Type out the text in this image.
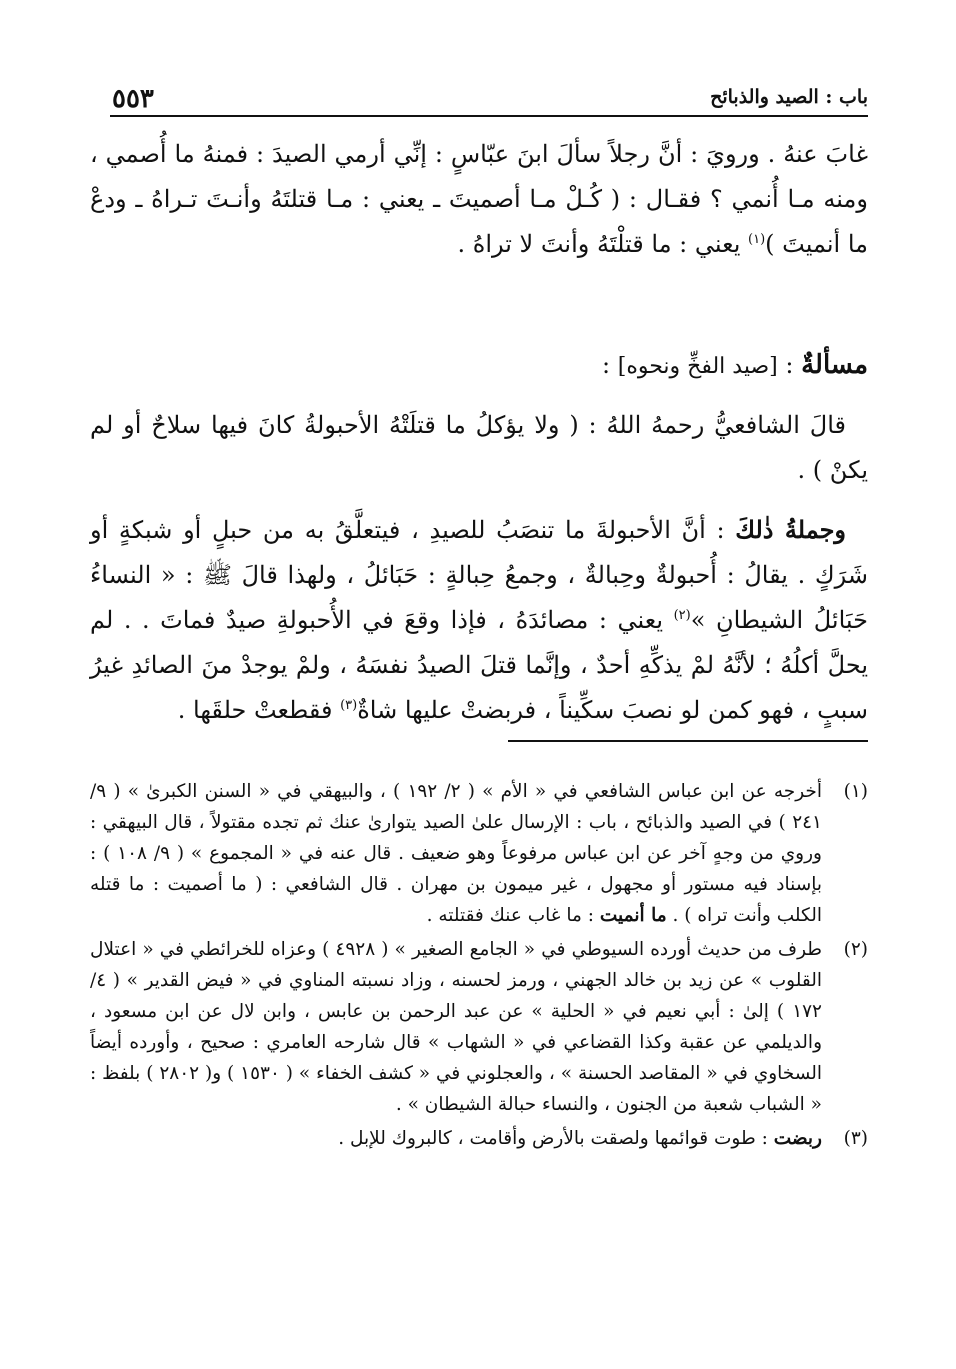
باب : الصيد والذبائح
٥٥٣

غابَ عنهُ . ورويَ : أنَّ رجلاً سألَ ابنَ عبّاسٍ : إنِّي أرمي الصيدَ : فمنهُ ما أُصمي ، ومنه مـا أُنمي ؟ فقـال : ( كُـلْ مـا أصميتَ ـ يعني : مـا قتلتَهُ وأنـتَ تـراهُ ـ ودعْ ما أنميتَ )$^{(١)}$ يعني : ما قتلْتَهُ وأنتَ لا تراهُ .

مسألةٌ : [صيد الفخِّ ونحوه] :

قالَ الشافعيُّ رحمهُ اللهُ : ( ولا يؤكلُ ما قتلَتْهُ الأحبولةُ كانَ فيها سلاحٌ أو لم يكنْ ) .

وجملةُ ذٰلكَ : أنَّ الأحبولةَ ما تنصَبُ للصيدِ ، فيتعلَّقُ به من حبلٍ أو شبكةٍ أو شَرَكٍ . يقالُ : أُحبولةٌ وحِبالةٌ ، وجمعُ حِبالةٍ : حَبَائلُ ، ولهذا قالَ ﷺ : « النساءُ حَبَائلُ الشيطانِ »$^{(٢)}$ يعني : مصائدَهُ ، فإذا وقعَ في الأُحبولةِ صيدٌ فماتَ . . لم يحلَّ أكلُهُ ؛ لأنَّهُ لمْ يذكِّهِ أحدٌ ، وإنَّما قتلَ الصيدُ نفسَهُ ، ولمْ يوجدْ منَ الصائدِ غيرُ سببٍ ، فهو كمن لو نصبَ سكِّيناً ، فربضتْ عليها شاةٌ$^{(٣)}$ فقطعتْ حلقَها .

(١)
أخرجه عن ابن عباس الشافعي في « الأم » ( ٢/ ١٩٢ ) ، والبيهقي في « السنن الكبرىٰ » ( ٩/ ٢٤١ ) في الصيد والذبائح ، باب : الإرسال علىٰ الصيد يتوارىٰ عنك ثم تجده مقتولاً ، قال البيهقي : وروي من وجهٍ آخر عن ابن عباس مرفوعاً وهو ضعيف . قال عنه في « المجموع » ( ٩/ ١٠٨ ) : بإسناد فيه مستور أو مجهول ، غير ميمون بن مهران . قال الشافعي : ( ما أصميت : ما قتله الكلب وأنت تراه ) . ما أنميت : ما غاب عنك فقتلته .

(٢)
طرف من حديث أورده السيوطي في « الجامع الصغير » ( ٤٩٢٨ ) وعزاه للخرائطي في « اعتلال القلوب » عن زيد بن خالد الجهني ، ورمز لحسنه ، وزاد نسبته المناوي في « فيض القدير » ( ٤/ ١٧٢ ) إلىٰ : أبي نعيم في « الحلية » عن عبد الرحمن بن عابس ، وابن لال عن ابن مسعود ، والديلمي عن عقبة وكذا القضاعي في « الشهاب » قال شارحه العامري : صحيح ، وأورده أيضاً السخاوي في « المقاصد الحسنة » ، والعجلوني في « كشف الخفاء » ( ١٥٣٠ ) و( ٢٨٠٢ ) بلفظ : « الشباب شعبة من الجنون ، والنساء حبالة الشيطان » .

(٣)
ربضت : طوت قوائمها ولصقت بالأرض وأقامت ، كالبروك للإبل .
